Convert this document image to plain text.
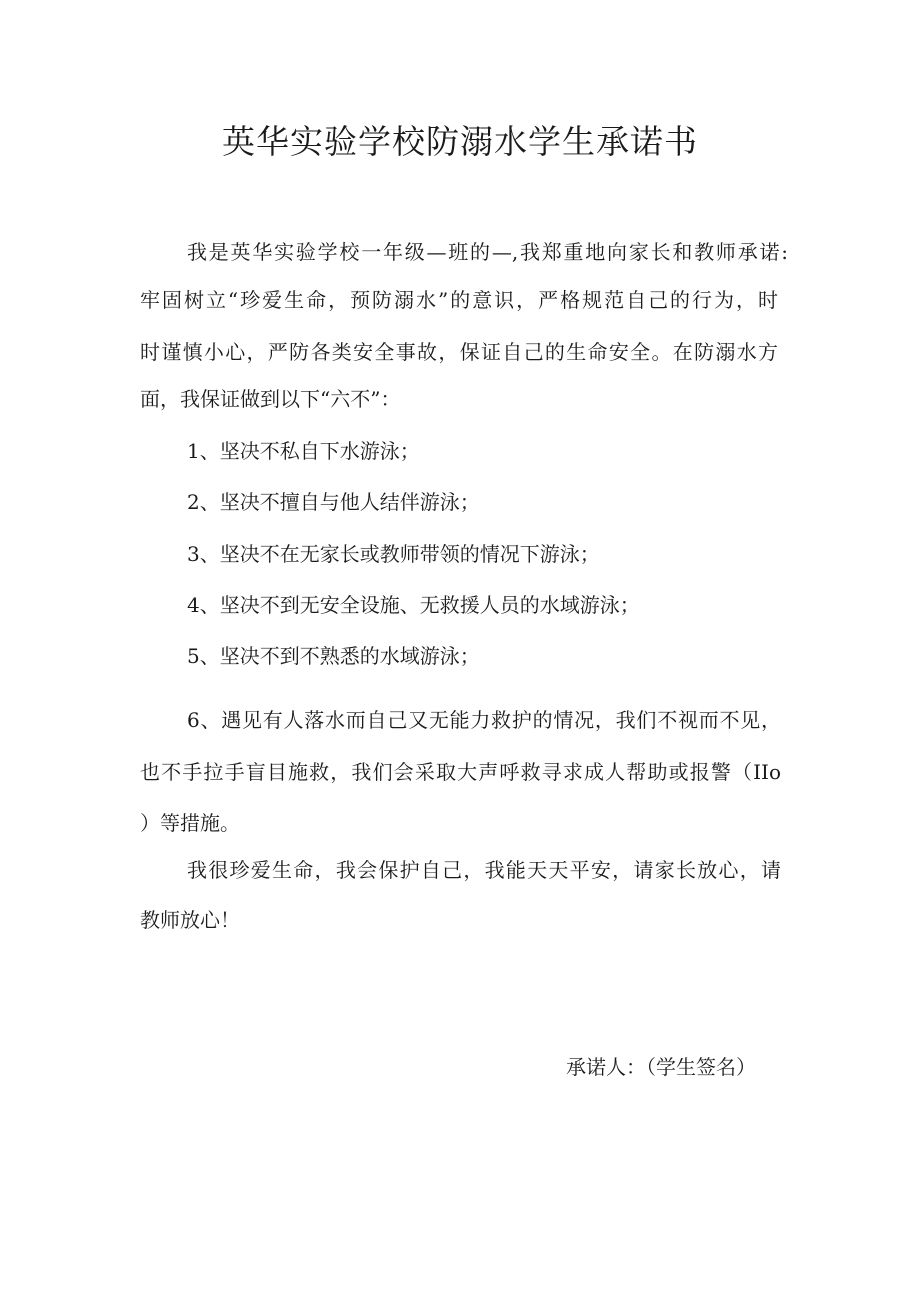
英华实验学校防溺水学生承诺书
我是英华实验学校一年级—班的—,我郑重地向家长和教师承诺:
牢固树立“珍爱生命，预防溺水”的意识，严格规范自己的行为，时
时谨慎小心，严防各类安全事故，保证自己的生命安全。在防溺水方
面，我保证做到以下“六不”：
1、坚决不私自下水游泳；
2、坚决不擅自与他人结伴游泳；
3、坚决不在无家长或教师带领的情况下游泳；
4、坚决不到无安全设施、无救援人员的水域游泳；
5、坚决不到不熟悉的水域游泳；
6、遇见有人落水而自己又无能力救护的情况，我们不视而不见，
也不手拉手盲目施救，我们会采取大声呼救寻求成人帮助或报警（IIo
）等措施。
我很珍爱生命，我会保护自己，我能天天平安，请家长放心，请
教师放心！
承诺人：（学生签名）
